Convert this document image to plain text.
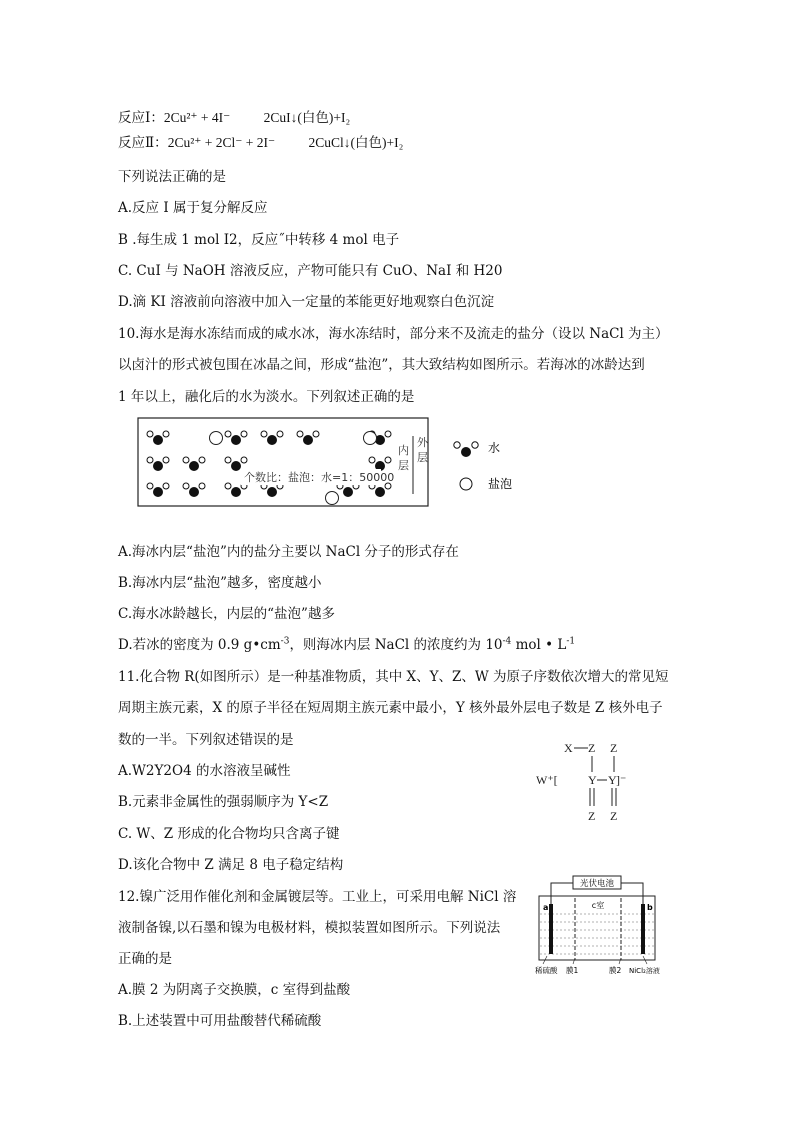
反应Ⅰ：2Cu²⁺ + 4I⁻ 2CuI↓(白色)+I₂
反应Ⅱ：2Cu²⁺ + 2Cl⁻ + 2I⁻ 2CuCl↓(白色)+I₂
下列说法正确的是
A.反应 I 属于复分解反应
B .每生成 1 mol I2，反应˝中转移 4 mol 电子
C. CuI 与 NaOH 溶液反应，产物可能只有 CuO、NaI 和 H20
D.滴 KI 溶液前向溶液中加入一定量的苯能更好地观察白色沉淀
10.海水是海水冻结而成的咸水冰，海水冻结时，部分来不及流走的盐分（设以 NaCl 为主）
以卤汁的形式被包围在冰晶之间，形成“盐泡”，其大致结构如图所示。若海冰的冰龄达到
1 年以上，融化后的水为淡水。下列叙述正确的是
个数比：盐泡：水=1：50000
内
层
外
层
水
盐泡
A.海冰内层“盐泡”内的盐分主要以 NaCl 分子的形式存在
B.海冰内层“盐泡”越多，密度越小
C.海水冰龄越长，内层的“盐泡”越多
D.若冰的密度为 0.9 $g•cm^{-3}$，则海冰内层 NaCl 的浓度约为 $10^{-4}$ mol • $L^{-1}$
11.化合物 R(如图所示）是一种基准物质，其中 X、Y、Z、W 为原子序数依次增大的常见短
周期主族元素，X 的原子半径在短周期主族元素中最小，Y 核外最外层电子数是 Z 核外电子
数的一半。下列叙述错误的是
A.W2Y2O4 的水溶液呈碱性
B.元素非金属性的强弱顺序为 Y<Z
C. W、Z 形成的化合物均只含离子键
D.该化合物中 Z 满足 8 电子稳定结构
X Z Z
W⁺[	Y Y ]⁻
Z Z
12.镍广泛用作催化剂和金属镀层等。工业上，可采用电解 NiCl 溶
液制备镍,以石墨和镍为电极材料，模拟装置如图所示。下列说法
正确的是
A.膜 2 为阴离子交换膜，c 室得到盐酸
B.上述装置中可用盐酸替代稀硫酸
光伏电池
a	b
c室
稀硫酸 膜1	膜2 NiCl₂溶液
